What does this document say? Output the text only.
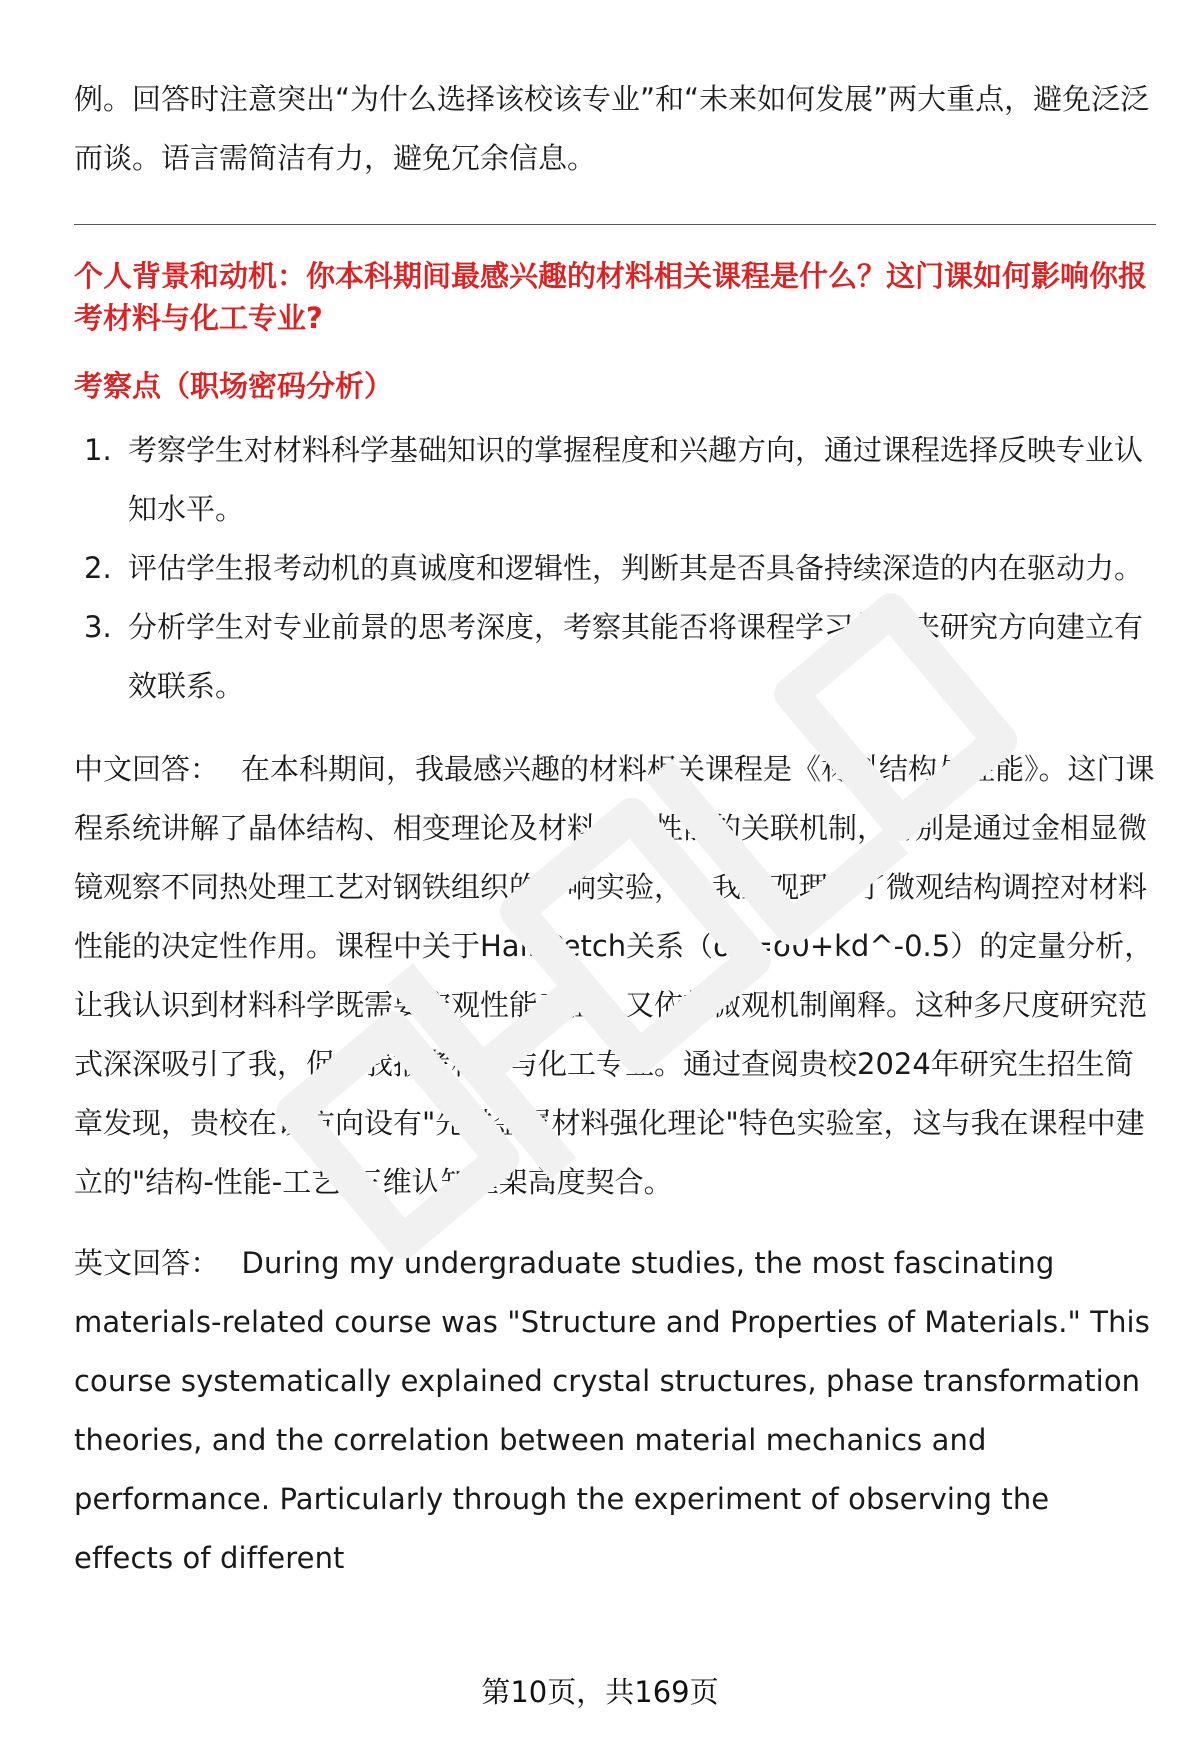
例。回答时注意突出“为什么选择该校该专业”和“未来如何发展”两大重点，避免泛泛而谈。语言需简洁有力，避免冗余信息。

个人背景和动机：你本科期间最感兴趣的材料相关课程是什么？这门课如何影响你报考材料与化工专业?

考察点（职场密码分析）

1. 考察学生对材料科学基础知识的掌握程度和兴趣方向，通过课程选择反映专业认知水平。
2. 评估学生报考动机的真诚度和逻辑性，判断其是否具备持续深造的内在驱动力。
3. 分析学生对专业前景的思考深度，考察其能否将课程学习与未来研究方向建立有效联系。

中文回答： 在本科期间，我最感兴趣的材料相关课程是《材料结构与性能》。这门课程系统讲解了晶体结构、相变理论及材料力学性能的关联机制，特别是通过金相显微镜观察不同热处理工艺对钢铁组织的影响实验，让我直观理解了微观结构调控对材料性能的决定性作用。课程中关于Hall-Petch关系（σy=σ0+kd^-0.5）的定量分析，让我认识到材料科学既需要宏观性能表征，又依赖微观机制阐释。这种多尺度研究范式深深吸引了我，促使我报考材料与化工专业。通过查阅贵校2024年研究生招生简章发现，贵校在该方向设有"先进金属材料强化理论"特色实验室，这与我在课程中建立的"结构-性能-工艺"三维认知框架高度契合。

英文回答： During my undergraduate studies, the most fascinating materials-related course was "Structure and Properties of Materials." This course systematically explained crystal structures, phase transformation theories, and the correlation between material mechanics and performance. Particularly through the experiment of observing the effects of different

第10页，共169页
